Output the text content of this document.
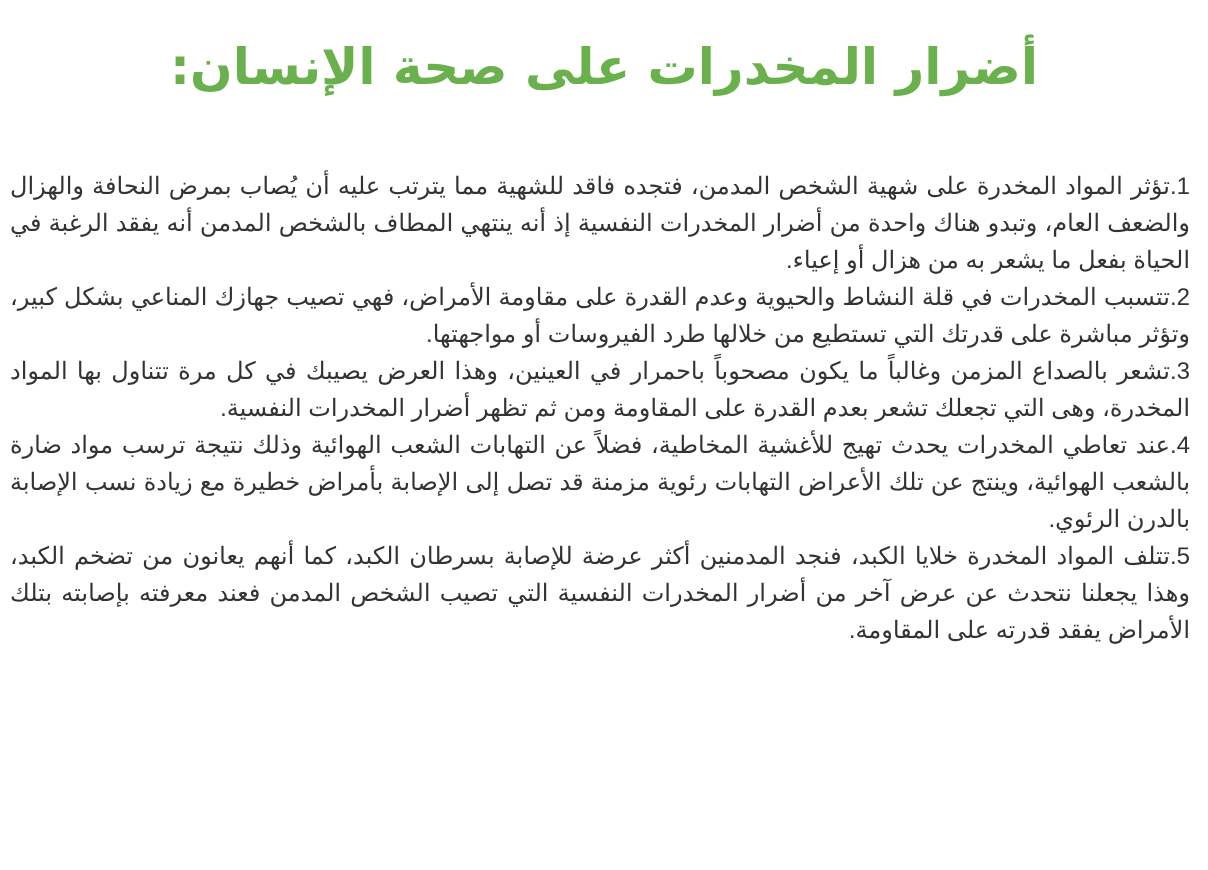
أضرار المخدرات على صحة الإنسان:

1.تؤثر المواد المخدرة على شهية الشخص المدمن، فتجده فاقد للشهية مما يترتب عليه أن يُصاب بمرض النحافة والهزال والضعف العام، وتبدو هناك واحدة من أضرار المخدرات النفسية إذ أنه ينتهي المطاف بالشخص المدمن أنه يفقد الرغبة في الحياة بفعل ما يشعر به من هزال أو إعياء.

2.تتسبب المخدرات في قلة النشاط والحيوية وعدم القدرة على مقاومة الأمراض، فهي تصيب جهازك المناعي بشكل كبير، وتؤثر مباشرة على قدرتك التي تستطيع من خلالها طرد الفيروسات أو مواجهتها.

3.تشعر بالصداع المزمن وغالباً ما يكون مصحوباً باحمرار في العينين، وهذا العرض يصيبك في كل مرة تتناول بها المواد المخدرة، وهى التي تجعلك تشعر بعدم القدرة على المقاومة ومن ثم تظهر أضرار المخدرات النفسية.

4.عند تعاطي المخدرات يحدث تهيج للأغشية المخاطية، فضلاً عن التهابات الشعب الهوائية وذلك نتيجة ترسب مواد ضارة بالشعب الهوائية، وينتج عن تلك الأعراض التهابات رئوية مزمنة قد تصل إلى الإصابة بأمراض خطيرة مع زيادة نسب الإصابة بالدرن الرئوي.

5.تتلف المواد المخدرة خلايا الكبد، فنجد المدمنين أكثر عرضة للإصابة بسرطان الكبد، كما أنهم يعانون من تضخم الكبد، وهذا يجعلنا نتحدث عن عرض آخر من أضرار المخدرات النفسية التي تصيب الشخص المدمن فعند معرفته بإصابته بتلك الأمراض يفقد قدرته على المقاومة.
